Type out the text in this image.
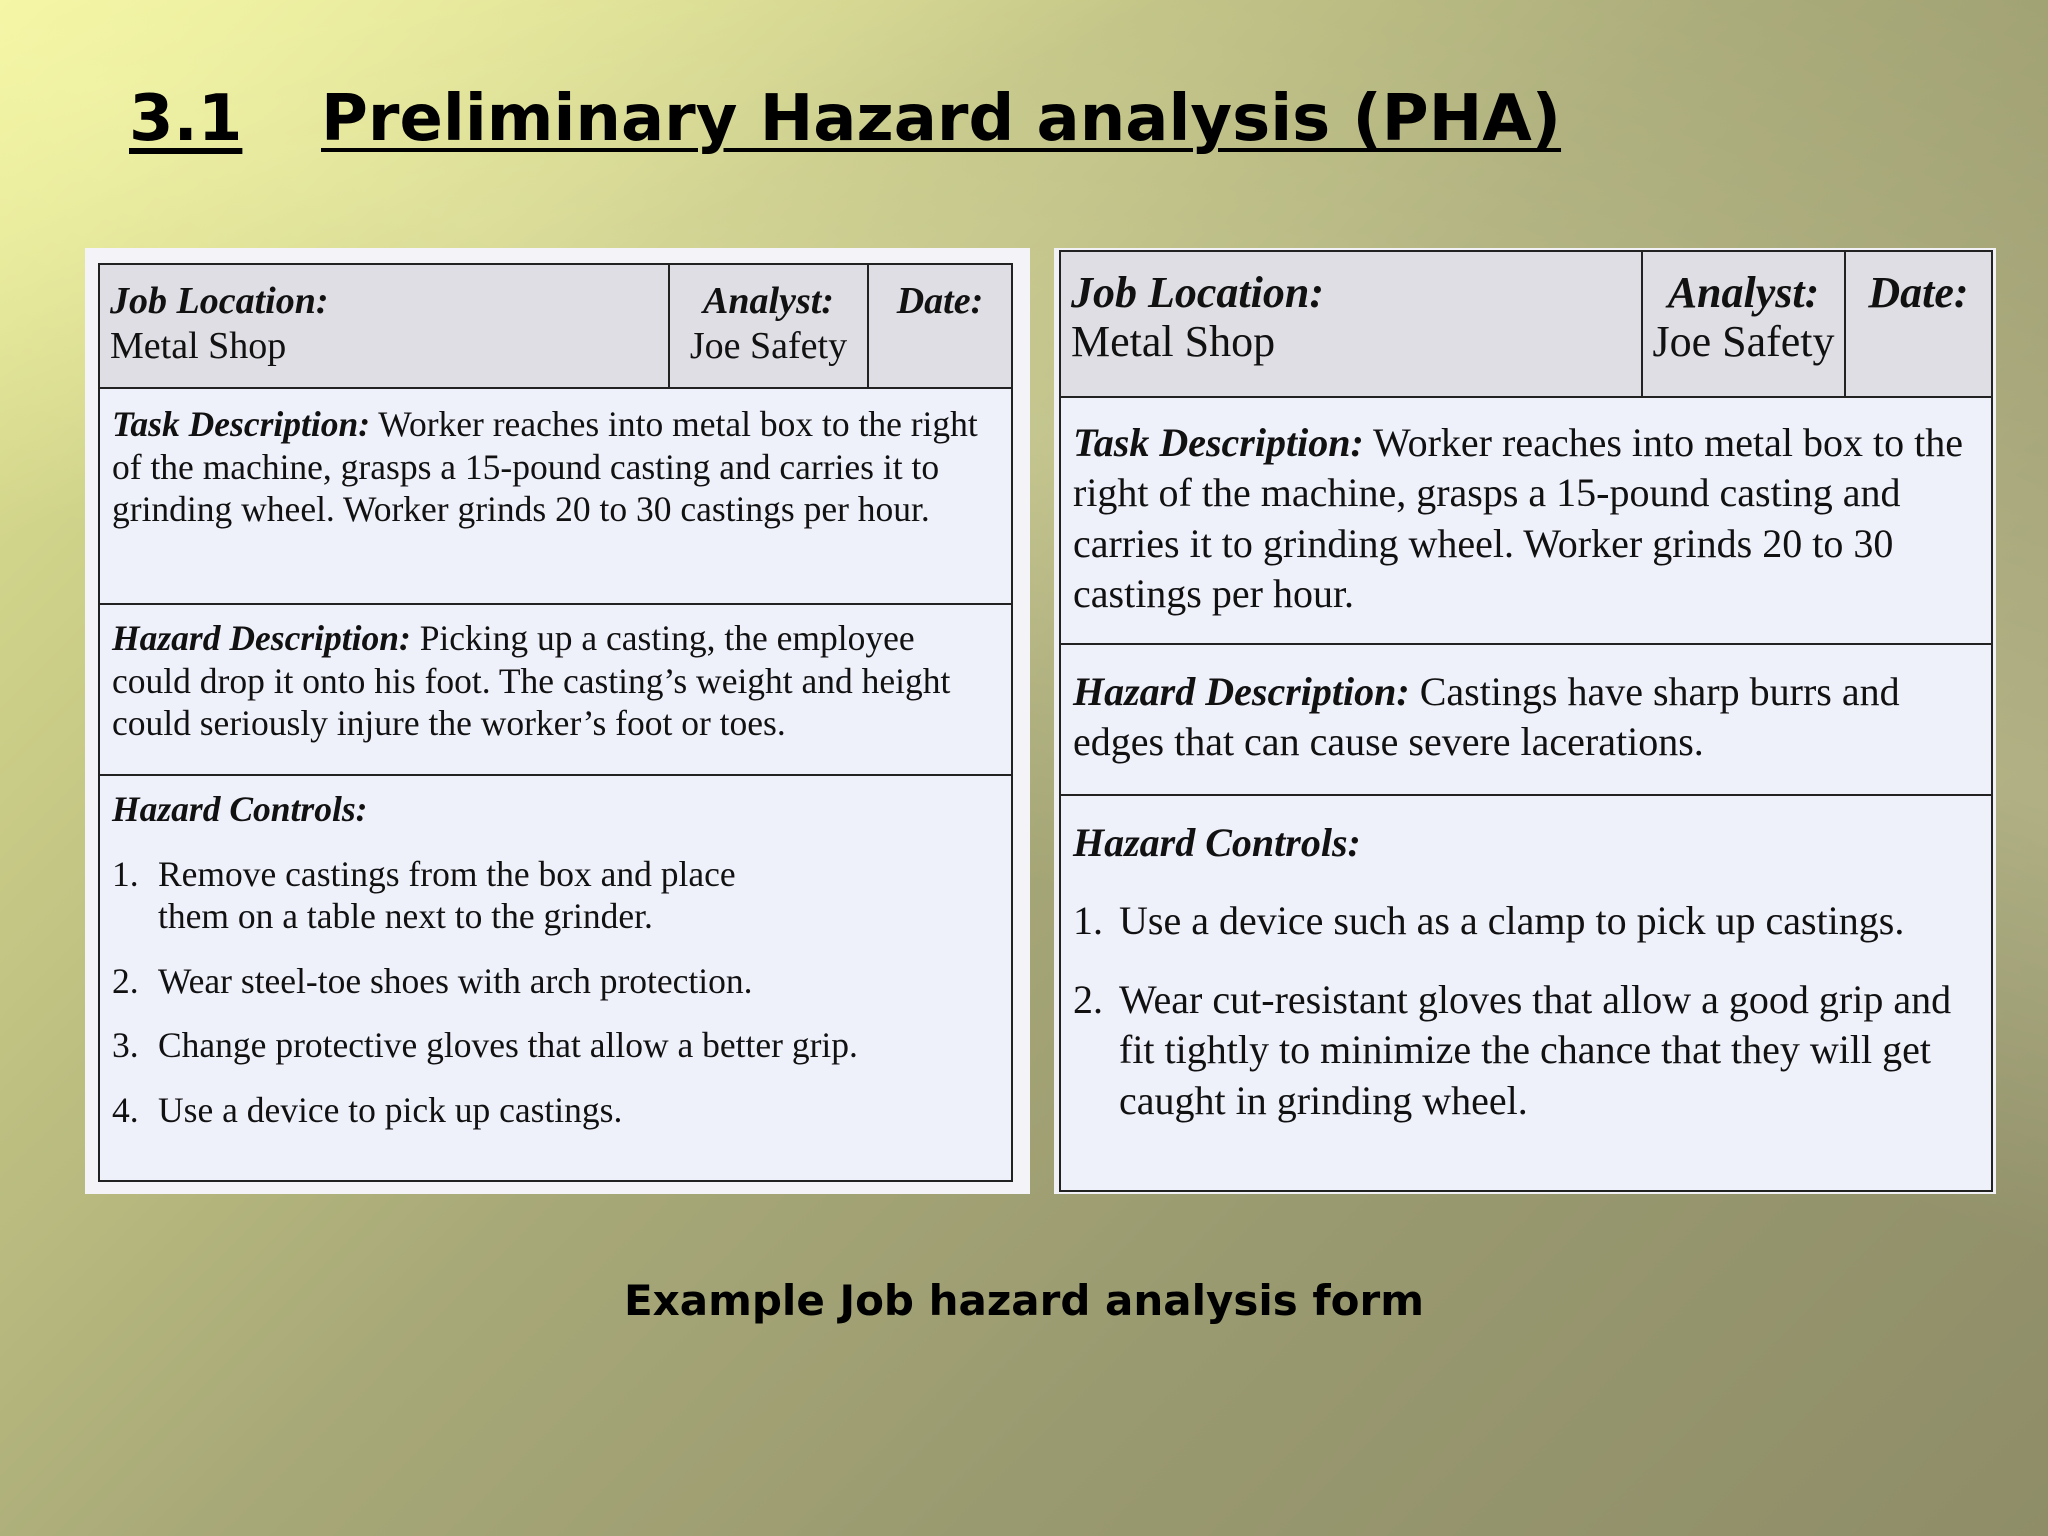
3.1 Preliminary Hazard analysis (PHA)
Job Location:
Metal Shop
Analyst:
Joe Safety
Date:
Task Description: Worker reaches into metal box to the right of the machine, grasps a 15-pound casting and carries it to grinding wheel. Worker grinds 20 to 30 castings per hour.
Hazard Description: Picking up a casting, the employee could drop it onto his foot. The casting’s weight and height could seriously injure the worker’s foot or toes.
Hazard Controls:
1. Remove castings from the box and place them on a table next to the grinder.
2. Wear steel-toe shoes with arch protection.
3. Change protective gloves that allow a better grip.
4. Use a device to pick up castings.
Job Location:
Metal Shop
Analyst:
Joe Safety
Date:
Task Description: Worker reaches into metal box to the right of the machine, grasps a 15-pound casting and carries it to grinding wheel. Worker grinds 20 to 30 castings per hour.
Hazard Description: Castings have sharp burrs and edges that can cause severe lacerations.
Hazard Controls:
1. Use a device such as a clamp to pick up castings.
2. Wear cut-resistant gloves that allow a good grip and fit tightly to minimize the chance that they will get caught in grinding wheel.
Example Job hazard analysis form
